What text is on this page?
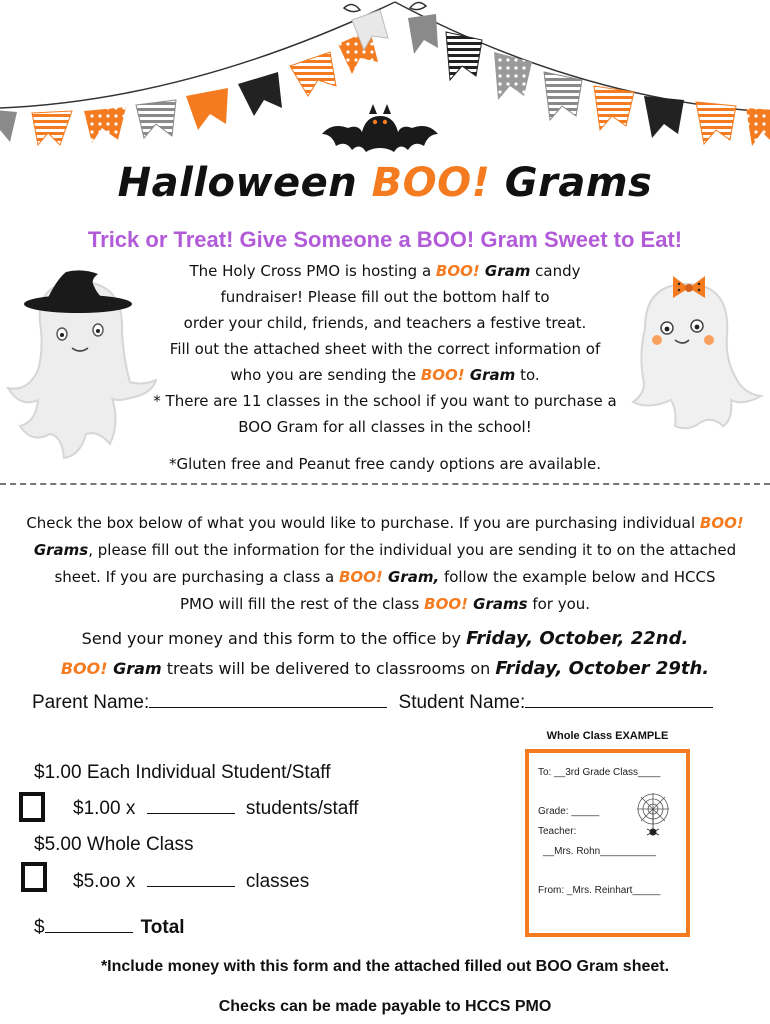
Halloween BOO! Grams
Trick or Treat! Give Someone a BOO! Gram Sweet to Eat!
The Holy Cross PMO is hosting a BOO! Gram candy
fundraiser! Please fill out the bottom half to
order your child, friends, and teachers a festive treat.
Fill out the attached sheet with the correct information of
who you are sending the BOO! Gram to.
* There are 11 classes in the school if you want to purchase a
BOO Gram for all classes in the school!
*Gluten free and Peanut free candy options are available.
Check the box below of what you would like to purchase. If you are purchasing individual BOO!
Grams, please fill out the information for the individual you are sending it to on the attached
sheet. If you are purchasing a class a BOO! Gram, follow the example below and HCCS
PMO will fill the rest of the class BOO! Grams for you.
Send your money and this form to the office by Friday, October, 22nd.
BOO! Gram treats will be delivered to classrooms on Friday, October 29th.
Parent Name:	Student Name:
$1.00 Each Individual Student/Staff
$1.00 x	students/staff
$5.00 Whole Class
$5.oo x	classes
$	Total
Whole Class EXAMPLE
To: __3rd Grade Class____
Grade: _____
Teacher:
__Mrs. Rohn__________
From: _Mrs. Reinhart_____
*Include money with this form and the attached filled out BOO Gram sheet.
Checks can be made payable to HCCS PMO
